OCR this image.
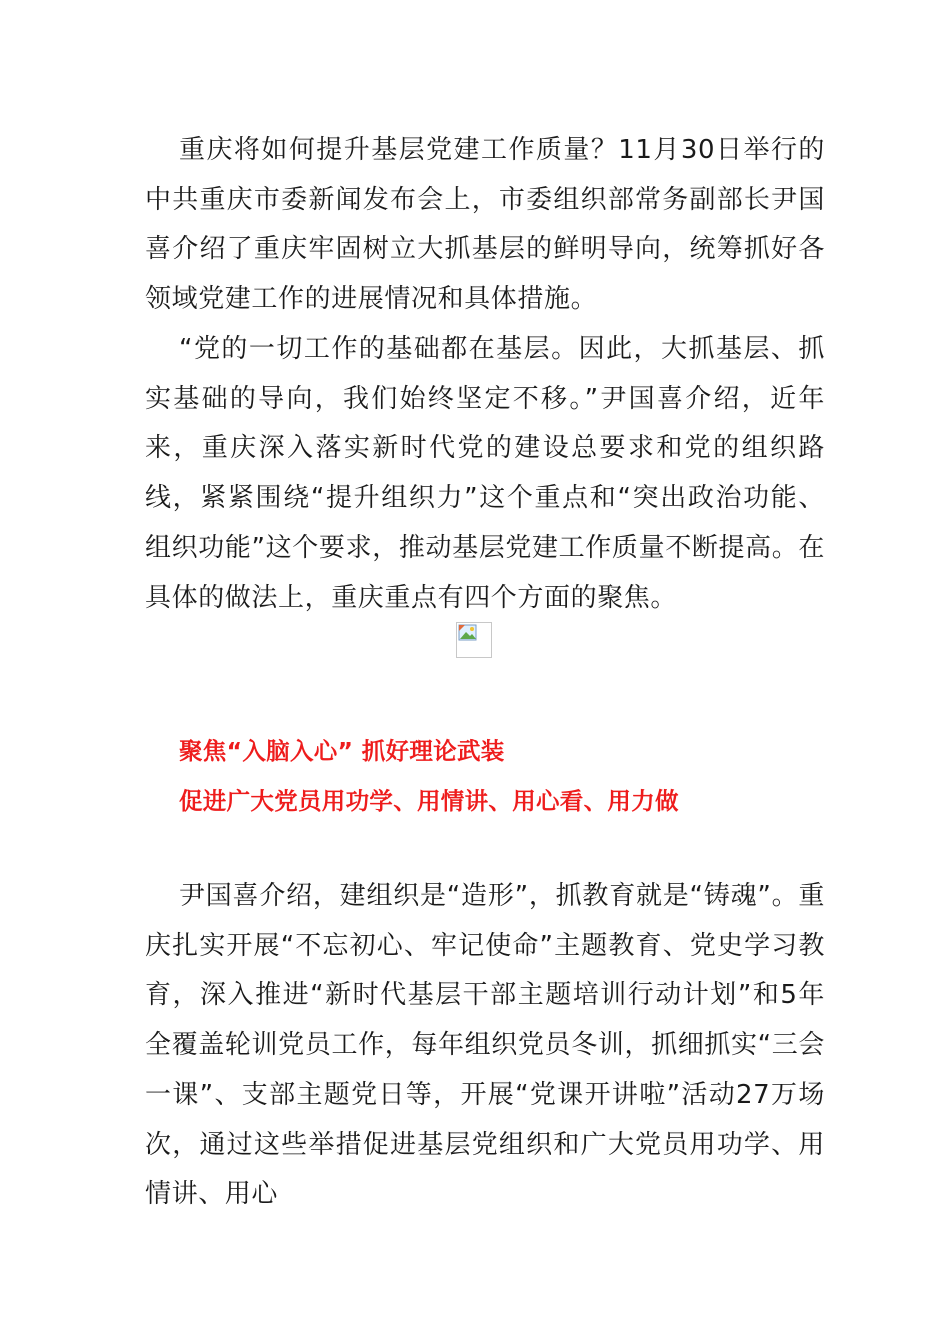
重庆将如何提升基层党建工作质量？11月30日举行的中共重庆市委新闻发布会上，市委组织部常务副部长尹国喜介绍了重庆牢固树立大抓基层的鲜明导向，统筹抓好各领域党建工作的进展情况和具体措施。

“党的一切工作的基础都在基层。因此，大抓基层、抓实基础的导向，我们始终坚定不移。”尹国喜介绍，近年来，重庆深入落实新时代党的建设总要求和党的组织路线，紧紧围绕“提升组织力”这个重点和“突出政治功能、组织功能”这个要求，推动基层党建工作质量不断提高。在具体的做法上，重庆重点有四个方面的聚焦。

聚焦“入脑入心” 抓好理论武装
促进广大党员用功学、用情讲、用心看、用力做

尹国喜介绍，建组织是“造形”，抓教育就是“铸魂”。重庆扎实开展“不忘初心、牢记使命”主题教育、党史学习教育，深入推进“新时代基层干部主题培训行动计划”和5年全覆盖轮训党员工作，每年组织党员冬训，抓细抓实“三会一课”、支部主题党日等，开展“党课开讲啦”活动27万场次，通过这些举措促进基层党组织和广大党员用功学、用情讲、用心
